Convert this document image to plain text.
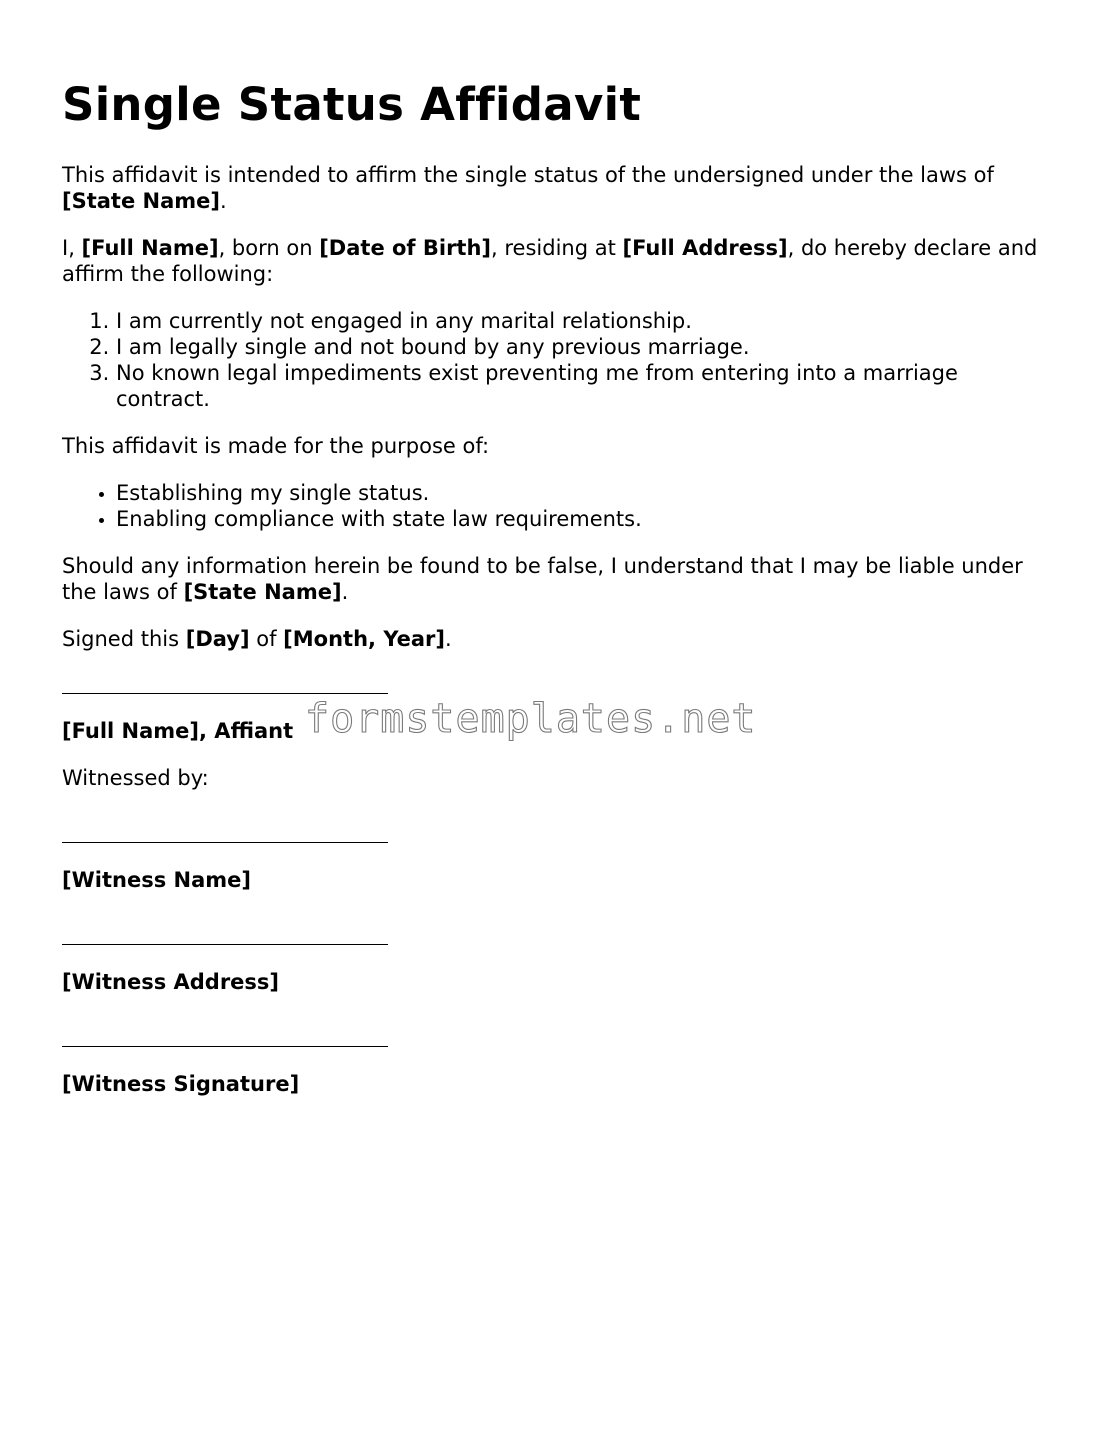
Single Status Affidavit

This affidavit is intended to affirm the single status of the undersigned under the laws of [State Name].

I, [Full Name], born on [Date of Birth], residing at [Full Address], do hereby declare and affirm the following:

1. I am currently not engaged in any marital relationship.
2. I am legally single and not bound by any previous marriage.
3. No known legal impediments exist preventing me from entering into a marriage contract.

This affidavit is made for the purpose of:

• Establishing my single status.
• Enabling compliance with state law requirements.

Should any information herein be found to be false, I understand that I may be liable under the laws of [State Name].

Signed this [Day] of [Month, Year].

[Full Name], Affiant

Witnessed by:

[Witness Name]

[Witness Address]

[Witness Signature]

formstemplates.net
